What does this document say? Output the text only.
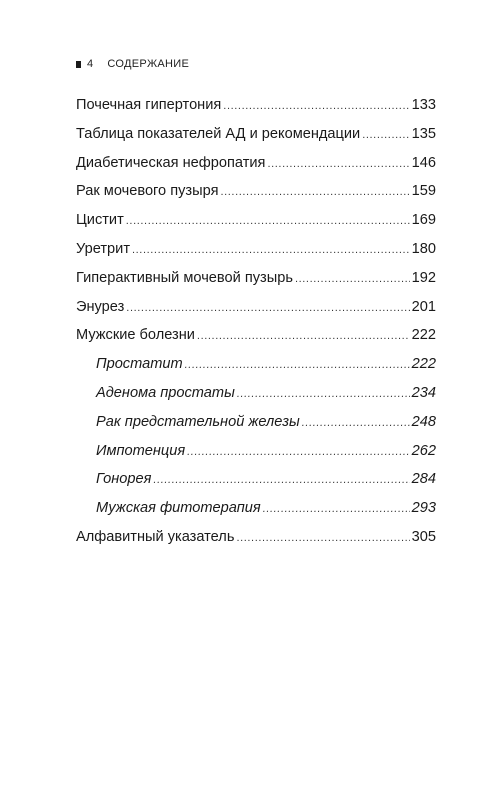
4 СОДЕРЖАНИЕ
Почечная гипертония .....	133
Таблица показателей АД и рекомендации .....	135
Диабетическая нефропатия .....	146
Рак мочевого пузыря .....	159
Цистит .....	169
Уретрит .....	180
Гиперактивный мочевой пузырь .....	192
Энурез .....	201
Мужские болезни .....	222
Простатит .....	222
Аденома простаты .....	234
Рак предстательной железы .....	248
Импотенция .....	262
Гонорея .....	284
Мужская фитотерапия .....	293
Алфавитный указатель .....	305
